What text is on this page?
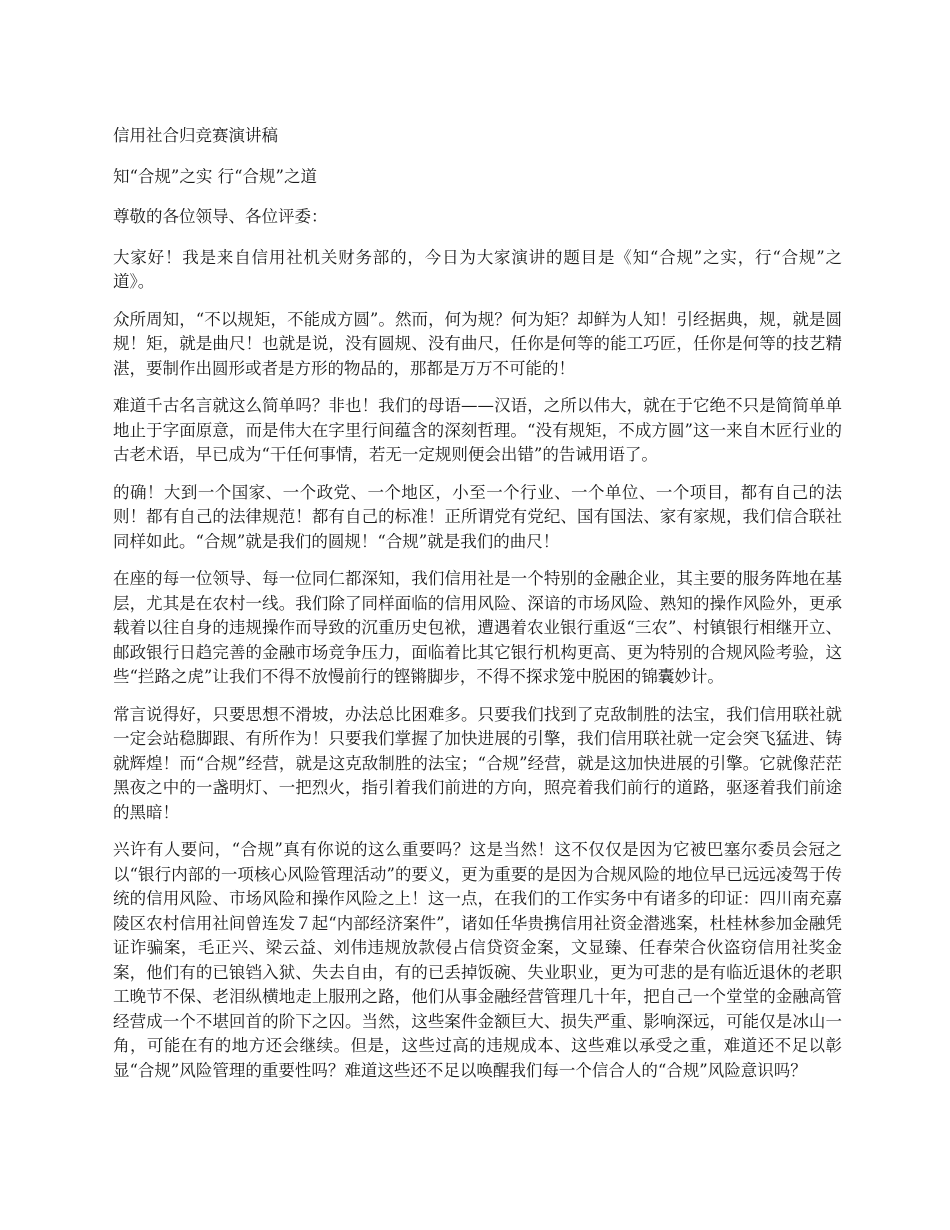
信用社合归竞赛演讲稿

知“合规”之实 行“合规”之道

尊敬的各位领导、各位评委：

大家好！我是来自信用社机关财务部的，今日为大家演讲的题目是《知“合规”之实，行“合规”之道》。

众所周知，“不以规矩，不能成方圆”。然而，何为规？何为矩？却鲜为人知！引经据典，规，就是圆规！矩，就是曲尺！也就是说，没有圆规、没有曲尺，任你是何等的能工巧匠，任你是何等的技艺精湛，要制作出圆形或者是方形的物品的，那都是万万不可能的！

难道千古名言就这么简单吗？非也！我们的母语——汉语，之所以伟大，就在于它绝不只是简简单单地止于字面原意，而是伟大在字里行间蕴含的深刻哲理。“没有规矩，不成方圆”这一来自木匠行业的古老术语，早已成为“干任何事情，若无一定规则便会出错”的告诫用语了。

的确！大到一个国家、一个政党、一个地区，小至一个行业、一个单位、一个项目，都有自己的法则！都有自己的法律规范！都有自己的标准！正所谓党有党纪、国有国法、家有家规，我们信合联社同样如此。“合规”就是我们的圆规！“合规”就是我们的曲尺！

在座的每一位领导、每一位同仁都深知，我们信用社是一个特别的金融企业，其主要的服务阵地在基层，尤其是在农村一线。我们除了同样面临的信用风险、深谙的市场风险、熟知的操作风险外，更承载着以往自身的违规操作而导致的沉重历史包袱，遭遇着农业银行重返“三农”、村镇银行相继开立、邮政银行日趋完善的金融市场竞争压力，面临着比其它银行机构更高、更为特别的合规风险考验，这些“拦路之虎”让我们不得不放慢前行的铿锵脚步，不得不探求笼中脱困的锦囊妙计。

常言说得好，只要思想不滑坡，办法总比困难多。只要我们找到了克敌制胜的法宝，我们信用联社就一定会站稳脚跟、有所作为！只要我们掌握了加快进展的引擎，我们信用联社就一定会突飞猛进、铸就辉煌！而“合规”经营，就是这克敌制胜的法宝；“合规”经营，就是这加快进展的引擎。它就像茫茫黑夜之中的一盏明灯、一把烈火，指引着我们前进的方向，照亮着我们前行的道路，驱逐着我们前途的黑暗！

兴许有人要问，“合规”真有你说的这么重要吗？这是当然！这不仅仅是因为它被巴塞尔委员会冠之以“银行内部的一项核心风险管理活动”的要义，更为重要的是因为合规风险的地位早已远远凌驾于传统的信用风险、市场风险和操作风险之上！这一点，在我们的工作实务中有诸多的印证：四川南充嘉陵区农村信用社间曾连发７起“内部经济案件”，诸如任华贵携信用社资金潜逃案，杜桂林参加金融凭证诈骗案，毛正兴、梁云益、刘伟违规放款侵占信贷资金案，文显臻、任春荣合伙盗窃信用社奖金案，他们有的已锒铛入狱、失去自由，有的已丢掉饭碗、失业职业，更为可悲的是有临近退休的老职工晚节不保、老泪纵横地走上服刑之路，他们从事金融经营管理几十年，把自己一个堂堂的金融高管经营成一个不堪回首的阶下之囚。当然，这些案件金额巨大、损失严重、影响深远，可能仅是冰山一角，可能在有的地方还会继续。但是，这些过高的违规成本、这些难以承受之重，难道还不足以彰显“合规”风险管理的重要性吗？难道这些还不足以唤醒我们每一个信合人的“合规”风险意识吗？
